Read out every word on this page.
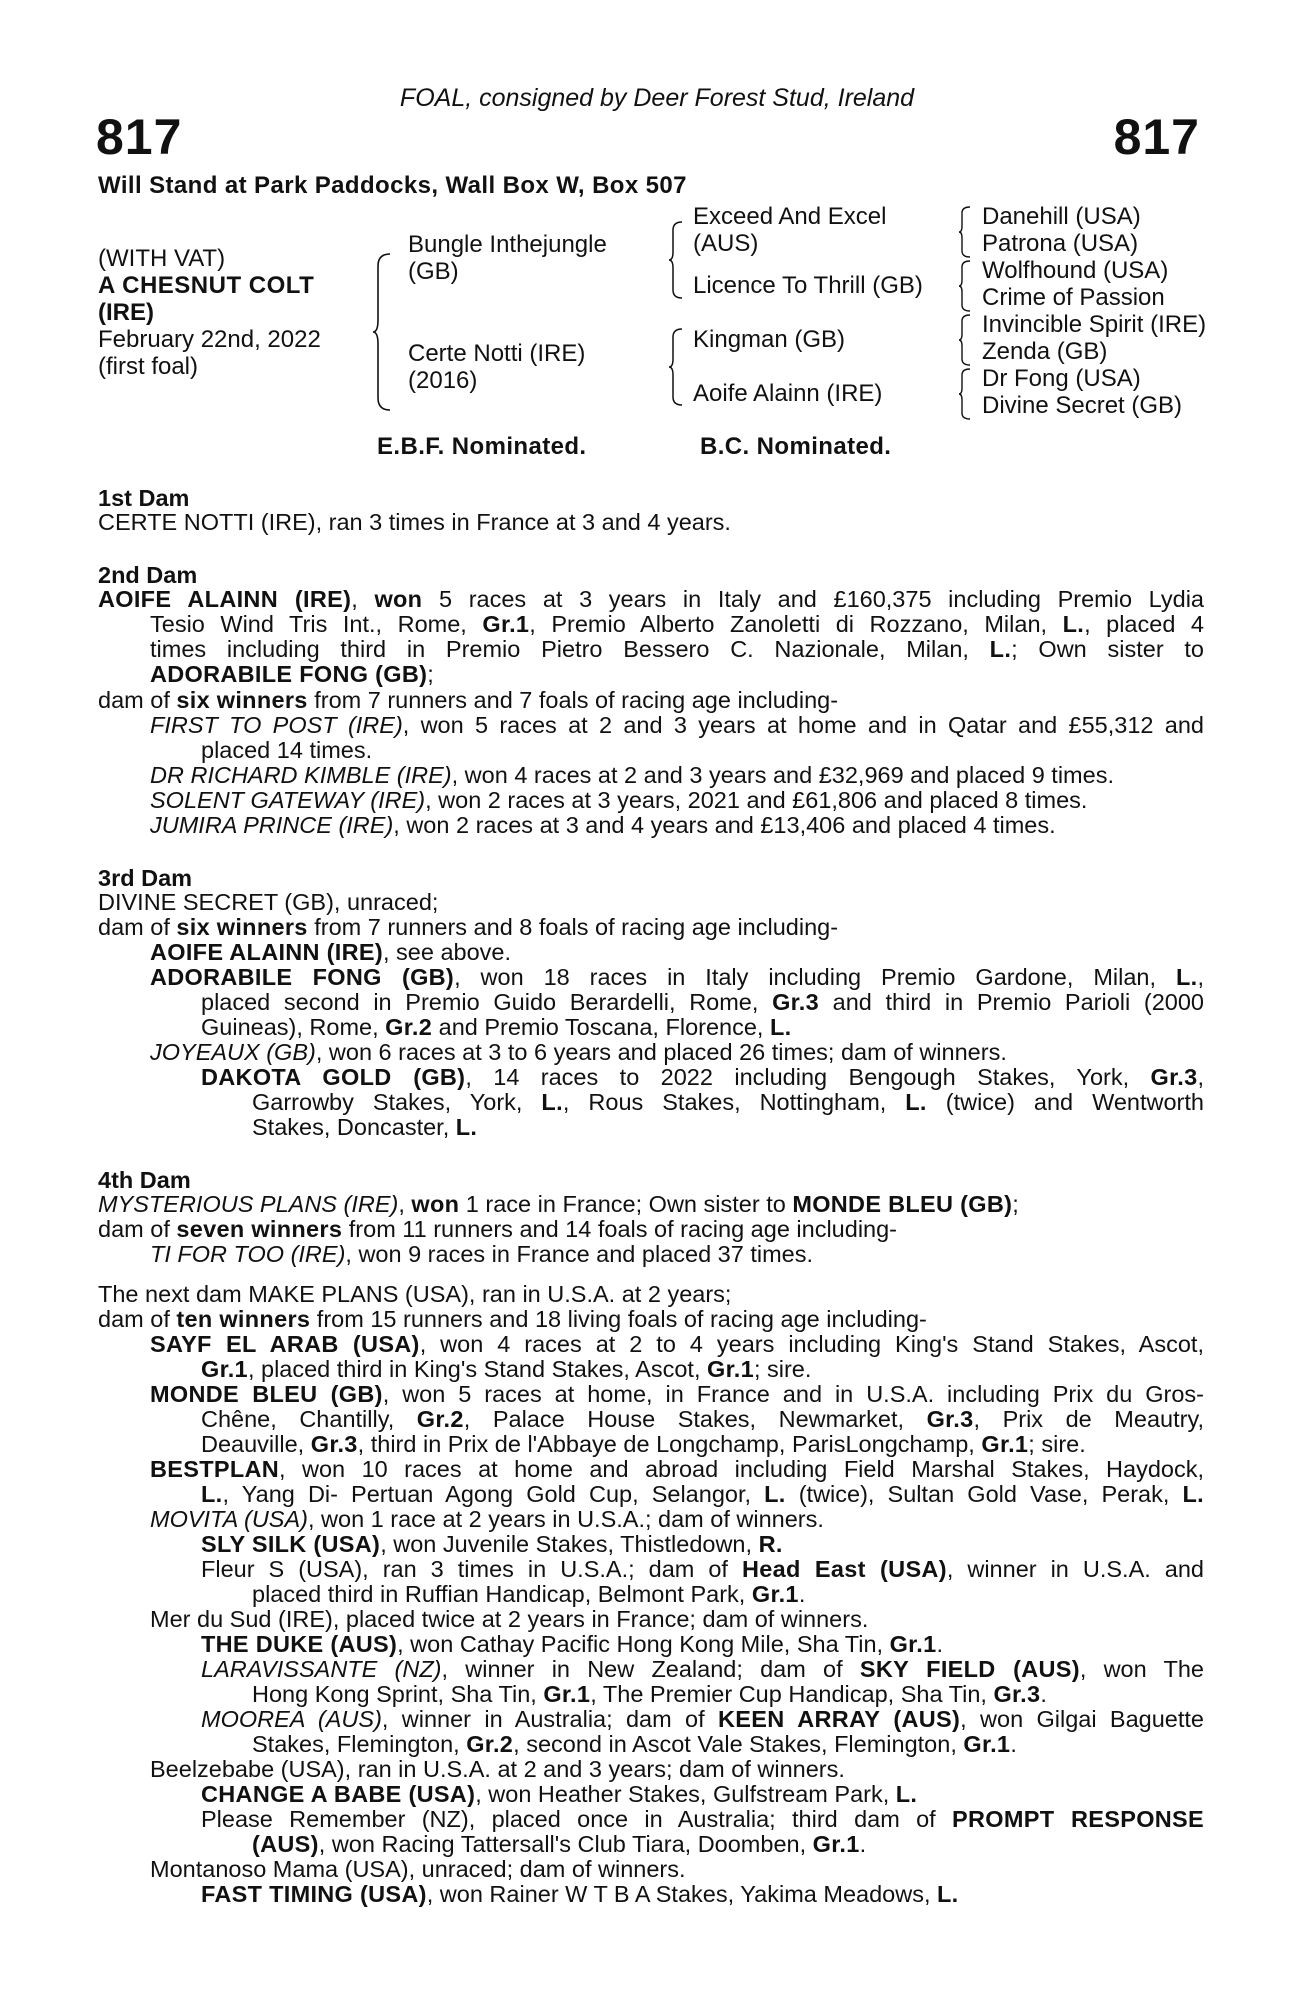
FOAL, consigned by Deer Forest Stud, Ireland
817	817
Will Stand at Park Paddocks, Wall Box W, Box 507
(WITH VAT)
A CHESNUT COLT
(IRE)
February 22nd, 2022
(first foal)
Bungle Inthejungle
(GB)
Certe Notti (IRE)
(2016)
Exceed And Excel
(AUS)
Licence To Thrill (GB)
Kingman (GB)
Aoife Alainn (IRE)
Danehill (USA)
Patrona (USA)
Wolfhound (USA)
Crime of Passion
Invincible Spirit (IRE)
Zenda (GB)
Dr Fong (USA)
Divine Secret (GB)
E.B.F. Nominated.	B.C. Nominated.
1st Dam
CERTE NOTTI (IRE), ran 3 times in France at 3 and 4 years.
2nd Dam
AOIFE ALAINN (IRE), won 5 races at 3 years in Italy and £160,375 including Premio Lydia
Tesio Wind Tris Int., Rome, Gr.1, Premio Alberto Zanoletti di Rozzano, Milan, L., placed 4
times including third in Premio Pietro Bessero C. Nazionale, Milan, L.; Own sister to
ADORABILE FONG (GB);
dam of six winners from 7 runners and 7 foals of racing age including-
FIRST TO POST (IRE), won 5 races at 2 and 3 years at home and in Qatar and £55,312 and
placed 14 times.
DR RICHARD KIMBLE (IRE), won 4 races at 2 and 3 years and £32,969 and placed 9 times.
SOLENT GATEWAY (IRE), won 2 races at 3 years, 2021 and £61,806 and placed 8 times.
JUMIRA PRINCE (IRE), won 2 races at 3 and 4 years and £13,406 and placed 4 times.
3rd Dam
DIVINE SECRET (GB), unraced;
dam of six winners from 7 runners and 8 foals of racing age including-
AOIFE ALAINN (IRE), see above.
ADORABILE FONG (GB), won 18 races in Italy including Premio Gardone, Milan, L.,
placed second in Premio Guido Berardelli, Rome, Gr.3 and third in Premio Parioli (2000
Guineas), Rome, Gr.2 and Premio Toscana, Florence, L.
JOYEAUX (GB), won 6 races at 3 to 6 years and placed 26 times; dam of winners.
DAKOTA GOLD (GB), 14 races to 2022 including Bengough Stakes, York, Gr.3,
Garrowby Stakes, York, L., Rous Stakes, Nottingham, L. (twice) and Wentworth
Stakes, Doncaster, L.
4th Dam
MYSTERIOUS PLANS (IRE), won 1 race in France; Own sister to MONDE BLEU (GB);
dam of seven winners from 11 runners and 14 foals of racing age including-
TI FOR TOO (IRE), won 9 races in France and placed 37 times.
The next dam MAKE PLANS (USA), ran in U.S.A. at 2 years;
dam of ten winners from 15 runners and 18 living foals of racing age including-
SAYF EL ARAB (USA), won 4 races at 2 to 4 years including King's Stand Stakes, Ascot,
Gr.1, placed third in King's Stand Stakes, Ascot, Gr.1; sire.
MONDE BLEU (GB), won 5 races at home, in France and in U.S.A. including Prix du Gros-
Chêne, Chantilly, Gr.2, Palace House Stakes, Newmarket, Gr.3, Prix de Meautry,
Deauville, Gr.3, third in Prix de l'Abbaye de Longchamp, ParisLongchamp, Gr.1; sire.
BESTPLAN, won 10 races at home and abroad including Field Marshal Stakes, Haydock,
L., Yang Di- Pertuan Agong Gold Cup, Selangor, L. (twice), Sultan Gold Vase, Perak, L.
MOVITA (USA), won 1 race at 2 years in U.S.A.; dam of winners.
SLY SILK (USA), won Juvenile Stakes, Thistledown, R.
Fleur S (USA), ran 3 times in U.S.A.; dam of Head East (USA), winner in U.S.A. and
placed third in Ruffian Handicap, Belmont Park, Gr.1.
Mer du Sud (IRE), placed twice at 2 years in France; dam of winners.
THE DUKE (AUS), won Cathay Pacific Hong Kong Mile, Sha Tin, Gr.1.
LARAVISSANTE (NZ), winner in New Zealand; dam of SKY FIELD (AUS), won The
Hong Kong Sprint, Sha Tin, Gr.1, The Premier Cup Handicap, Sha Tin, Gr.3.
MOOREA (AUS), winner in Australia; dam of KEEN ARRAY (AUS), won Gilgai Baguette
Stakes, Flemington, Gr.2, second in Ascot Vale Stakes, Flemington, Gr.1.
Beelzebabe (USA), ran in U.S.A. at 2 and 3 years; dam of winners.
CHANGE A BABE (USA), won Heather Stakes, Gulfstream Park, L.
Please Remember (NZ), placed once in Australia; third dam of PROMPT RESPONSE
(AUS), won Racing Tattersall's Club Tiara, Doomben, Gr.1.
Montanoso Mama (USA), unraced; dam of winners.
FAST TIMING (USA), won Rainer W T B A Stakes, Yakima Meadows, L.
